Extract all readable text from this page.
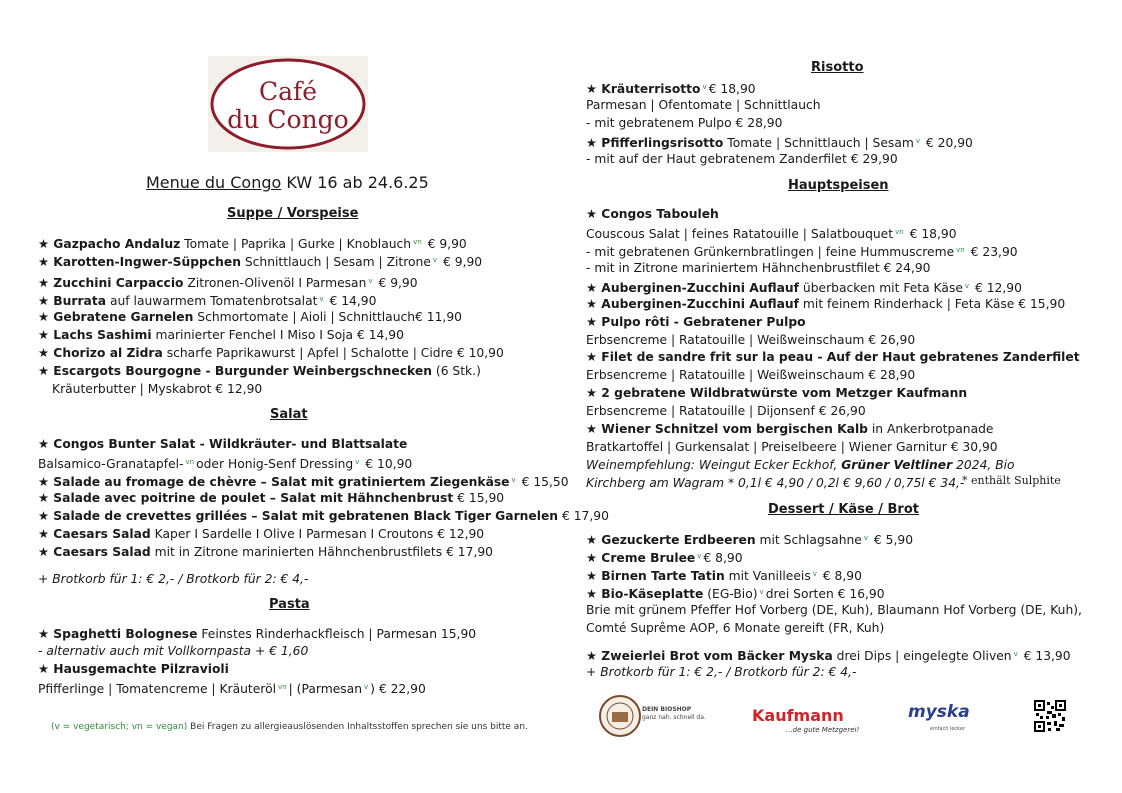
Café
du Congo
Menue du Congo KW 16 ab 24.6.25
Suppe / Vorspeise
Salat
Pasta
Risotto
Hauptspeisen
Dessert / Käse / Brot
★ Gazpacho Andaluz Tomate | Paprika | Gurke | Knoblauch $^{vn}$ € 9,90
★ Karotten-Ingwer-Süppchen Schnittlauch | Sesam | Zitrone $^v$ € 9,90
★ Zucchini Carpaccio Zitronen-Olivenöl I Parmesan $^v$ € 9,90
★ Burrata auf lauwarmem Tomatenbrotsalat $^v$ € 14,90
★ Gebratene Garnelen Schmortomate | Aioli | Schnittlauch€ 11,90
★ Lachs Sashimi marinierter Fenchel I Miso I Soja € 14,90
★ Chorizo al Zidra scharfe Paprikawurst | Apfel | Schalotte | Cidre € 10,90
★ Escargots Bourgogne - Burgunder Weinbergschnecken (6 Stk.)
Kräuterbutter | Myskabrot € 12,90
★ Congos Bunter Salat - Wildkräuter- und Blattsalate
Balsamico-Granatapfel- $^{vn}$ oder Honig-Senf Dressing $^v$ € 10,90
★ Salade au fromage de chèvre – Salat mit gratiniertem Ziegenkäse $^v$ € 15,50
★ Salade avec poitrine de poulet – Salat mit Hähnchenbrust € 15,90
★ Salade de crevettes grillées – Salat mit gebratenen Black Tiger Garnelen € 17,90
★ Caesars Salad Kaper I Sardelle I Olive I Parmesan I Croutons € 12,90
★ Caesars Salad mit in Zitrone marinierten Hähnchenbrustfilets € 17,90
+ Brotkorb für 1: € 2,- / Brotkorb für 2: € 4,-
★ Spaghetti Bolognese Feinstes Rinderhackfleisch | Parmesan 15,90
- alternativ auch mit Vollkornpasta + € 1,60
★ Hausgemachte Pilzravioli
Pfifferlinge | Tomatencreme | Kräuteröl $^{vn}$ | (Parmesan $^v$ ) € 22,90
★ Kräuterrisotto $^v$ € 18,90
Parmesan | Ofentomate | Schnittlauch
- mit gebratenem Pulpo € 28,90
★ Pfifferlingsrisotto Tomate | Schnittlauch | Sesam $^v$ € 20,90
- mit auf der Haut gebratenem Zanderfilet € 29,90
★ Congos Tabouleh
Couscous Salat | feines Ratatouille | Salatbouquet $^{vn}$ € 18,90
- mit gebratenen Grünkernbratlingen | feine Hummuscreme $^{vn}$ € 23,90
- mit in Zitrone mariniertem Hähnchenbrustfilet € 24,90
★ Auberginen-Zucchini Auflauf überbacken mit Feta Käse $^v$ € 12,90
★ Auberginen-Zucchini Auflauf mit feinem Rinderhack | Feta Käse € 15,90
★ Pulpo rôti - Gebratener Pulpo
Erbsencreme | Ratatouille | Weißweinschaum € 26,90
★ Filet de sandre frit sur la peau - Auf der Haut gebratenes Zanderfilet
Erbsencreme | Ratatouille | Weißweinschaum € 28,90
★ 2 gebratene Wildbratwürste vom Metzger Kaufmann
Erbsencreme | Ratatouille | Dijonsenf € 26,90
★ Wiener Schnitzel vom bergischen Kalb in Ankerbrotpanade
Bratkartoffel | Gurkensalat | Preiselbeere | Wiener Garnitur € 30,90
Weinempfehlung: Weingut Ecker Eckhof, Grüner Veltliner 2024, Bio
Kirchberg am Wagram * 0,1l € 4,90 / 0,2l € 9,60 / 0,75l € 34,-
★ Gezuckerte Erdbeeren mit Schlagsahne $^v$ € 5,90
★ Creme Brulee $^v$ € 8,90
★ Birnen Tarte Tatin mit Vanilleeis $^v$ € 8,90
★ Bio-Käseplatte (EG-Bio) $^v$ drei Sorten € 16,90
Brie mit grünem Pfeffer Hof Vorberg (DE, Kuh), Blaumann Hof Vorberg (DE, Kuh),
Comté Suprême AOP, 6 Monate gereift (FR, Kuh)
★ Zweierlei Brot vom Bäcker Myska drei Dips | eingelegte Oliven $^v$ € 13,90
+ Brotkorb für 1: € 2,- / Brotkorb für 2: € 4,-
* enthält Sulphite
(v = vegetarisch; vn = vegan) Bei Fragen zu allergieauslösenden Inhaltsstoffen sprechen sie uns bitte an.
DEIN BIOSHOP
ganz nah. schnell da.	Kaufmann
...de gute Metzgerei!
myska
einfach lecker
